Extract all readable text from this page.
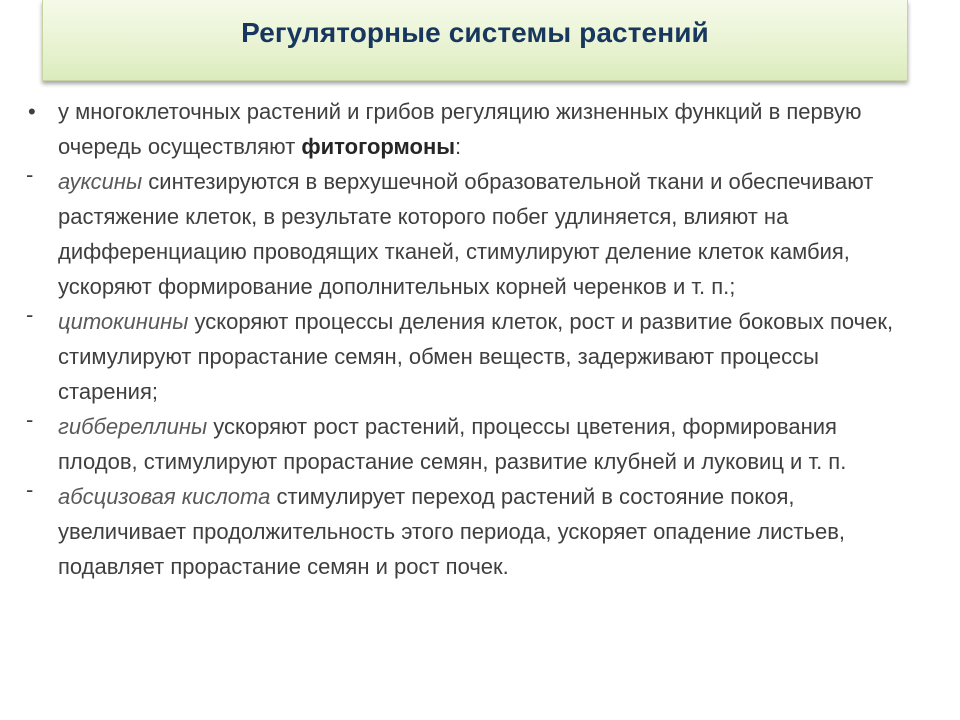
Регуляторные системы растений
•	у многоклеточных растений и грибов регуляцию жизненных функций в первую очередь осуществляют фитогормоны:
-	ауксины синтезируются в верхушечной образовательной ткани и обеспечивают растяжение клеток, в результате которого побег удлиняется, влияют на дифференциацию проводящих тканей, стимулируют деление клеток камбия, ускоряют формирование дополнительных корней черенков и т. п.;
-	цитокинины ускоряют процессы деления клеток, рост и развитие боковых почек, стимулируют прорастание семян, обмен веществ, задерживают процессы старения;
-	гиббереллины ускоряют рост растений, процессы цветения, формирования плодов, стимулируют прорастание семян, развитие клубней и луковиц и т. п.
-	абсцизовая кислота стимулирует переход растений в состояние покоя, увеличивает продолжительность этого периода, ускоряет опадение листьев, подавляет прорастание семян и рост почек.
